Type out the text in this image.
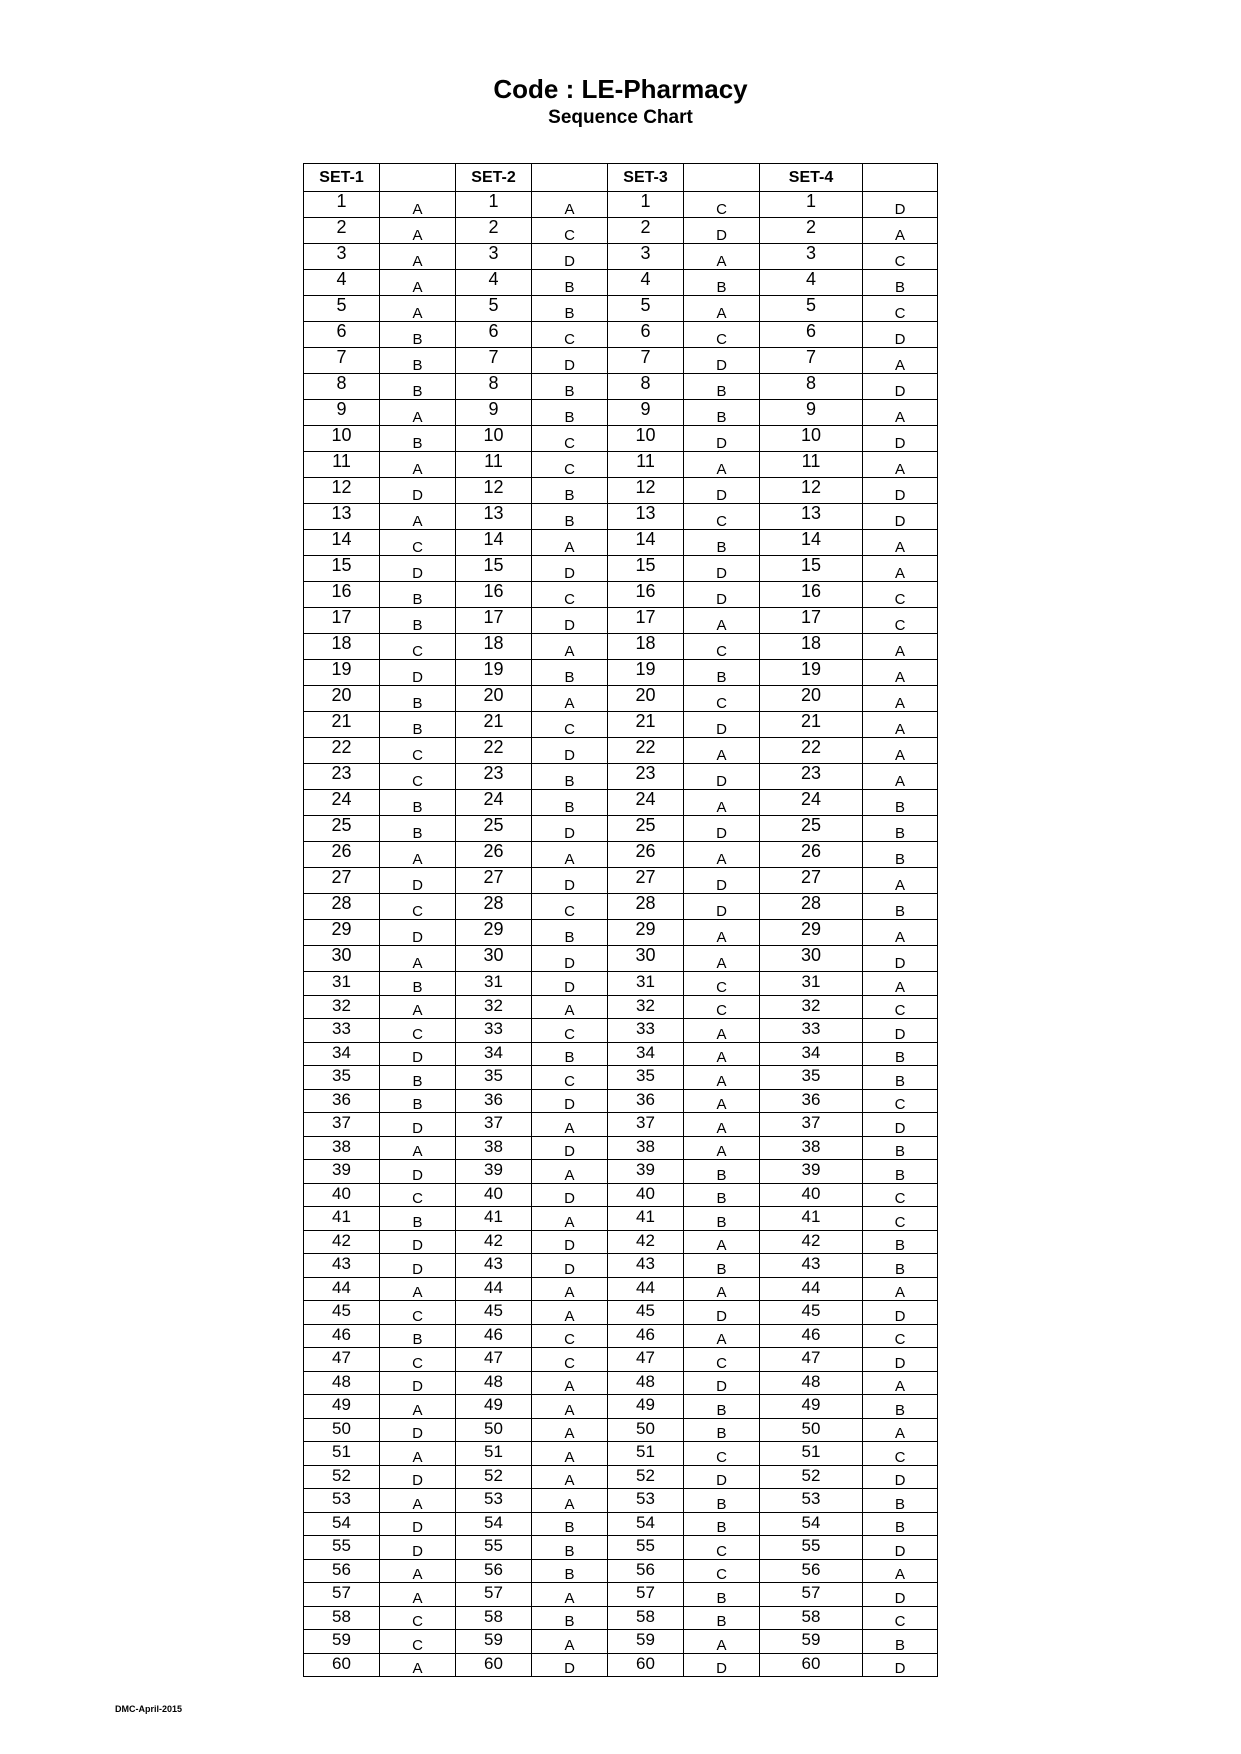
Code : LE-Pharmacy
Sequence Chart
SET-1		SET-2		SET-3		SET-4	
1	A	1	A	1	C	1	D
2	A	2	C	2	D	2	A
3	A	3	D	3	A	3	C
4	A	4	B	4	B	4	B
5	A	5	B	5	A	5	C
6	B	6	C	6	C	6	D
7	B	7	D	7	D	7	A
8	B	8	B	8	B	8	D
9	A	9	B	9	B	9	A
10	B	10	C	10	D	10	D
11	A	11	C	11	A	11	A
12	D	12	B	12	D	12	D
13	A	13	B	13	C	13	D
14	C	14	A	14	B	14	A
15	D	15	D	15	D	15	A
16	B	16	C	16	D	16	C
17	B	17	D	17	A	17	C
18	C	18	A	18	C	18	A
19	D	19	B	19	B	19	A
20	B	20	A	20	C	20	A
21	B	21	C	21	D	21	A
22	C	22	D	22	A	22	A
23	C	23	B	23	D	23	A
24	B	24	B	24	A	24	B
25	B	25	D	25	D	25	B
26	A	26	A	26	A	26	B
27	D	27	D	27	D	27	A
28	C	28	C	28	D	28	B
29	D	29	B	29	A	29	A
30	A	30	D	30	A	30	D
31	B	31	D	31	C	31	A
32	A	32	A	32	C	32	C
33	C	33	C	33	A	33	D
34	D	34	B	34	A	34	B
35	B	35	C	35	A	35	B
36	B	36	D	36	A	36	C
37	D	37	A	37	A	37	D
38	A	38	D	38	A	38	B
39	D	39	A	39	B	39	B
40	C	40	D	40	B	40	C
41	B	41	A	41	B	41	C
42	D	42	D	42	A	42	B
43	D	43	D	43	B	43	B
44	A	44	A	44	A	44	A
45	C	45	A	45	D	45	D
46	B	46	C	46	A	46	C
47	C	47	C	47	C	47	D
48	D	48	A	48	D	48	A
49	A	49	A	49	B	49	B
50	D	50	A	50	B	50	A
51	A	51	A	51	C	51	C
52	D	52	A	52	D	52	D
53	A	53	A	53	B	53	B
54	D	54	B	54	B	54	B
55	D	55	B	55	C	55	D
56	A	56	B	56	C	56	A
57	A	57	A	57	B	57	D
58	C	58	B	58	B	58	C
59	C	59	A	59	A	59	B
60	A	60	D	60	D	60	D
DMC-April-2015
